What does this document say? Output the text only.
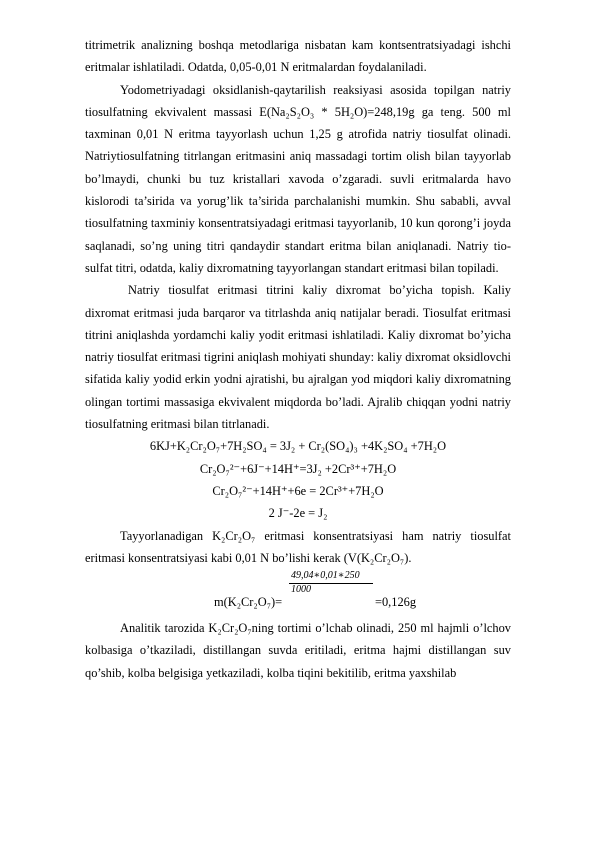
titrimetrik analizning boshqa metodlariga nisbatan kam kontsentratsiyadagi ishchi eritmalar ishlatiladi. Odatda, 0,05-0,01 N eritmalardan foydalaniladi.

Yodometriyadagi oksidlanish-qaytarilish reaksiyasi asosida topilgan natriy tiosulfatning ekvivalent massasi E(Na₂S₂O₃ * 5H₂O)=248,19g ga teng. 500 ml taxminan 0,01 N eritma tayyorlash uchun 1,25 g atrofida natriy tiosulfat olinadi. Natriytiosulfatning titrlangan eritmasini aniq massadagi tortim olish bilan tayyorlab bo’lmaydi, chunki bu tuz kristallari xavoda o’zgaradi. suvli eritmalarda havo kislorodi ta’sirida va yorug’lik ta’sirida parchalanishi mumkin. Shu sababli, avval tiosulfatning taxminiy konsentratsiyadagi eritmasi tayyorlanib, 10 kun qorong’i joyda saqlanadi, so’ng uning titri qandaydir standart eritma bilan aniqlanadi. Natriy tio-sulfat titri, odatda, kaliy dixromatning tayyorlangan standart eritmasi bilan topiladi.

Natriy tiosulfat eritmasi titrini kaliy dixromat bo’yicha topish. Kaliy dixromat eritmasi juda barqaror va titrlashda aniq natijalar beradi. Tiosulfat eritmasi titrini aniqlashda yordamchi kaliy yodit eritmasi ishlatiladi. Kaliy dixromat bo’yicha natriy tiosulfat eritmasi tigrini aniqlash mohiyati shunday: kaliy dixromat oksidlovchi sifatida kaliy yodid erkin yodni ajratishi, bu ajralgan yod miqdori kaliy dixromatning olingan tortimi massasiga ekvivalent miqdorda bo’ladi. Ajralib chiqqan yodni natriy tiosulfatning eritmasi bilan titrlanadi.

6KJ+K₂Cr₂O₇+7H₂SO₄ = 3J₂ + Cr₂(SO₄)₃ +4K₂SO₄ +7H₂O

Cr₂O₇²⁻+6J⁻+14H⁺=3J₂ +2Cr³⁺+7H₂O

Cr₂O₇²⁻+14H⁺+6e = 2Cr³⁺+7H₂O

2 J⁻-2e = J₂

Tayyorlanadigan K₂Cr₂O₇ eritmasi konsentratsiyasi ham natriy tiosulfat eritmasi konsentratsiyasi kabi 0,01 N bo’lishi kerak (V(K₂Cr₂O₇).

m(K₂Cr₂O₇)=
49,04∗0,01∗250
1000
=0,126g

Analitik tarozida K₂Cr₂O₇ning tortimi o’lchab olinadi, 250 ml hajmli o’lchov kolbasiga o’tkaziladi, distillangan suvda eritiladi, eritma hajmi distillangan suv qo’shib, kolba belgisiga yetkaziladi, kolba tiqini bekitilib, eritma yaxshilab
